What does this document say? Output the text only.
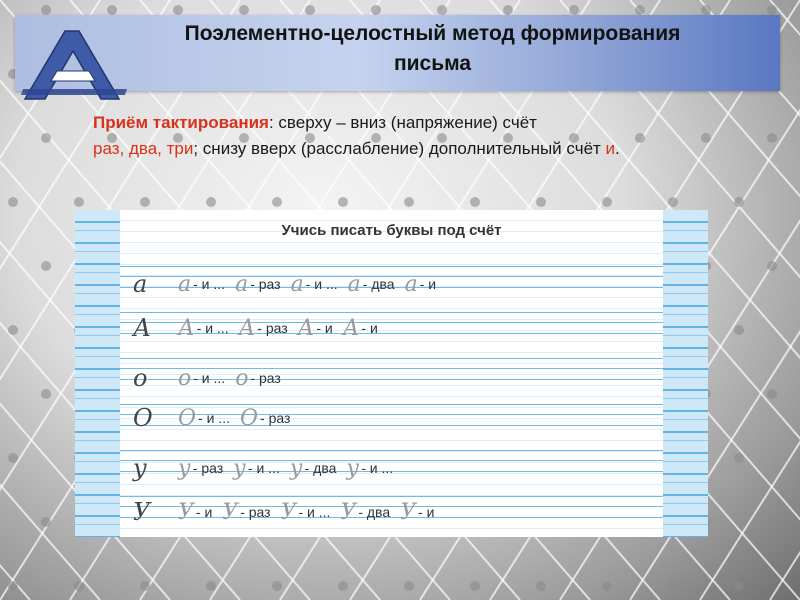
Поэлементно-целостный метод формирования
письма
Приём тактирования: сверху – вниз (напряжение) счёт
раз, два, три; снизу вверх (расслабление) дополнительный счёт и.
Учись писать буквы под счёт
а	а - и ... а - раз а - и ... а - два а - и
А	А - и ... А - раз А - и А - и
о	о - и ... о - раз
О	О - и ... О - раз
у	у - раз у - и ... у - два у - и ...
У	У - и У - раз У - и ... У - два У - и
